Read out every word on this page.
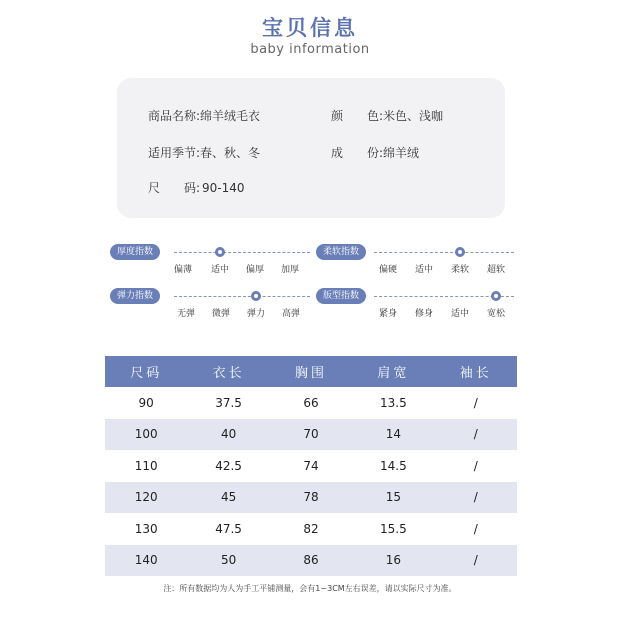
宝贝信息
baby information
商品名称:绵羊绒毛衣	颜　　色:米色、浅咖
适用季节:春、秋、冬	成　　份:绵羊绒
尺　　码: 90-140
厚度指数
偏薄 适中 偏厚 加厚
柔软指数
偏硬 适中 柔软 超软
弹力指数
无弹 微弹 弹力 高弹
版型指数
紧身 修身 适中 宽松
尺码	衣长	胸围	肩宽	袖长
90	37.5	66	13.5	/
100	40	70	14	/
110	42.5	74	14.5	/
120	45	78	15	/
130	47.5	82	15.5	/
140	50	86	16	/
注：所有数据均为人为手工平铺测量，会有1~3CM左右误差，请以实际尺寸为准。
